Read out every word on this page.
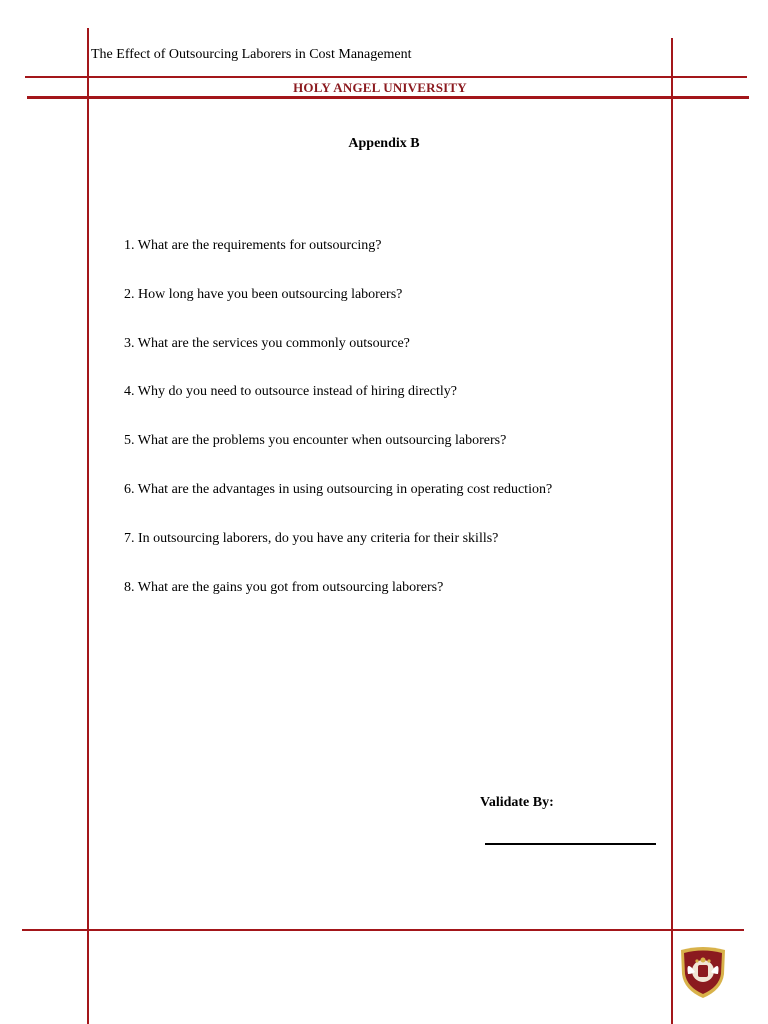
The Effect of Outsourcing Laborers in Cost Management
HOLY ANGEL UNIVERSITY
Appendix B
1. What are the requirements for outsourcing?
2. How long have you been outsourcing laborers?
3. What are the services you commonly outsource?
4. Why do you need to outsource instead of hiring directly?
5. What are the problems you encounter when outsourcing laborers?
6. What are the advantages in using outsourcing in operating cost reduction?
7. In outsourcing laborers, do you have any criteria for their skills?
8. What are the gains you got from outsourcing laborers?
Validate By:
